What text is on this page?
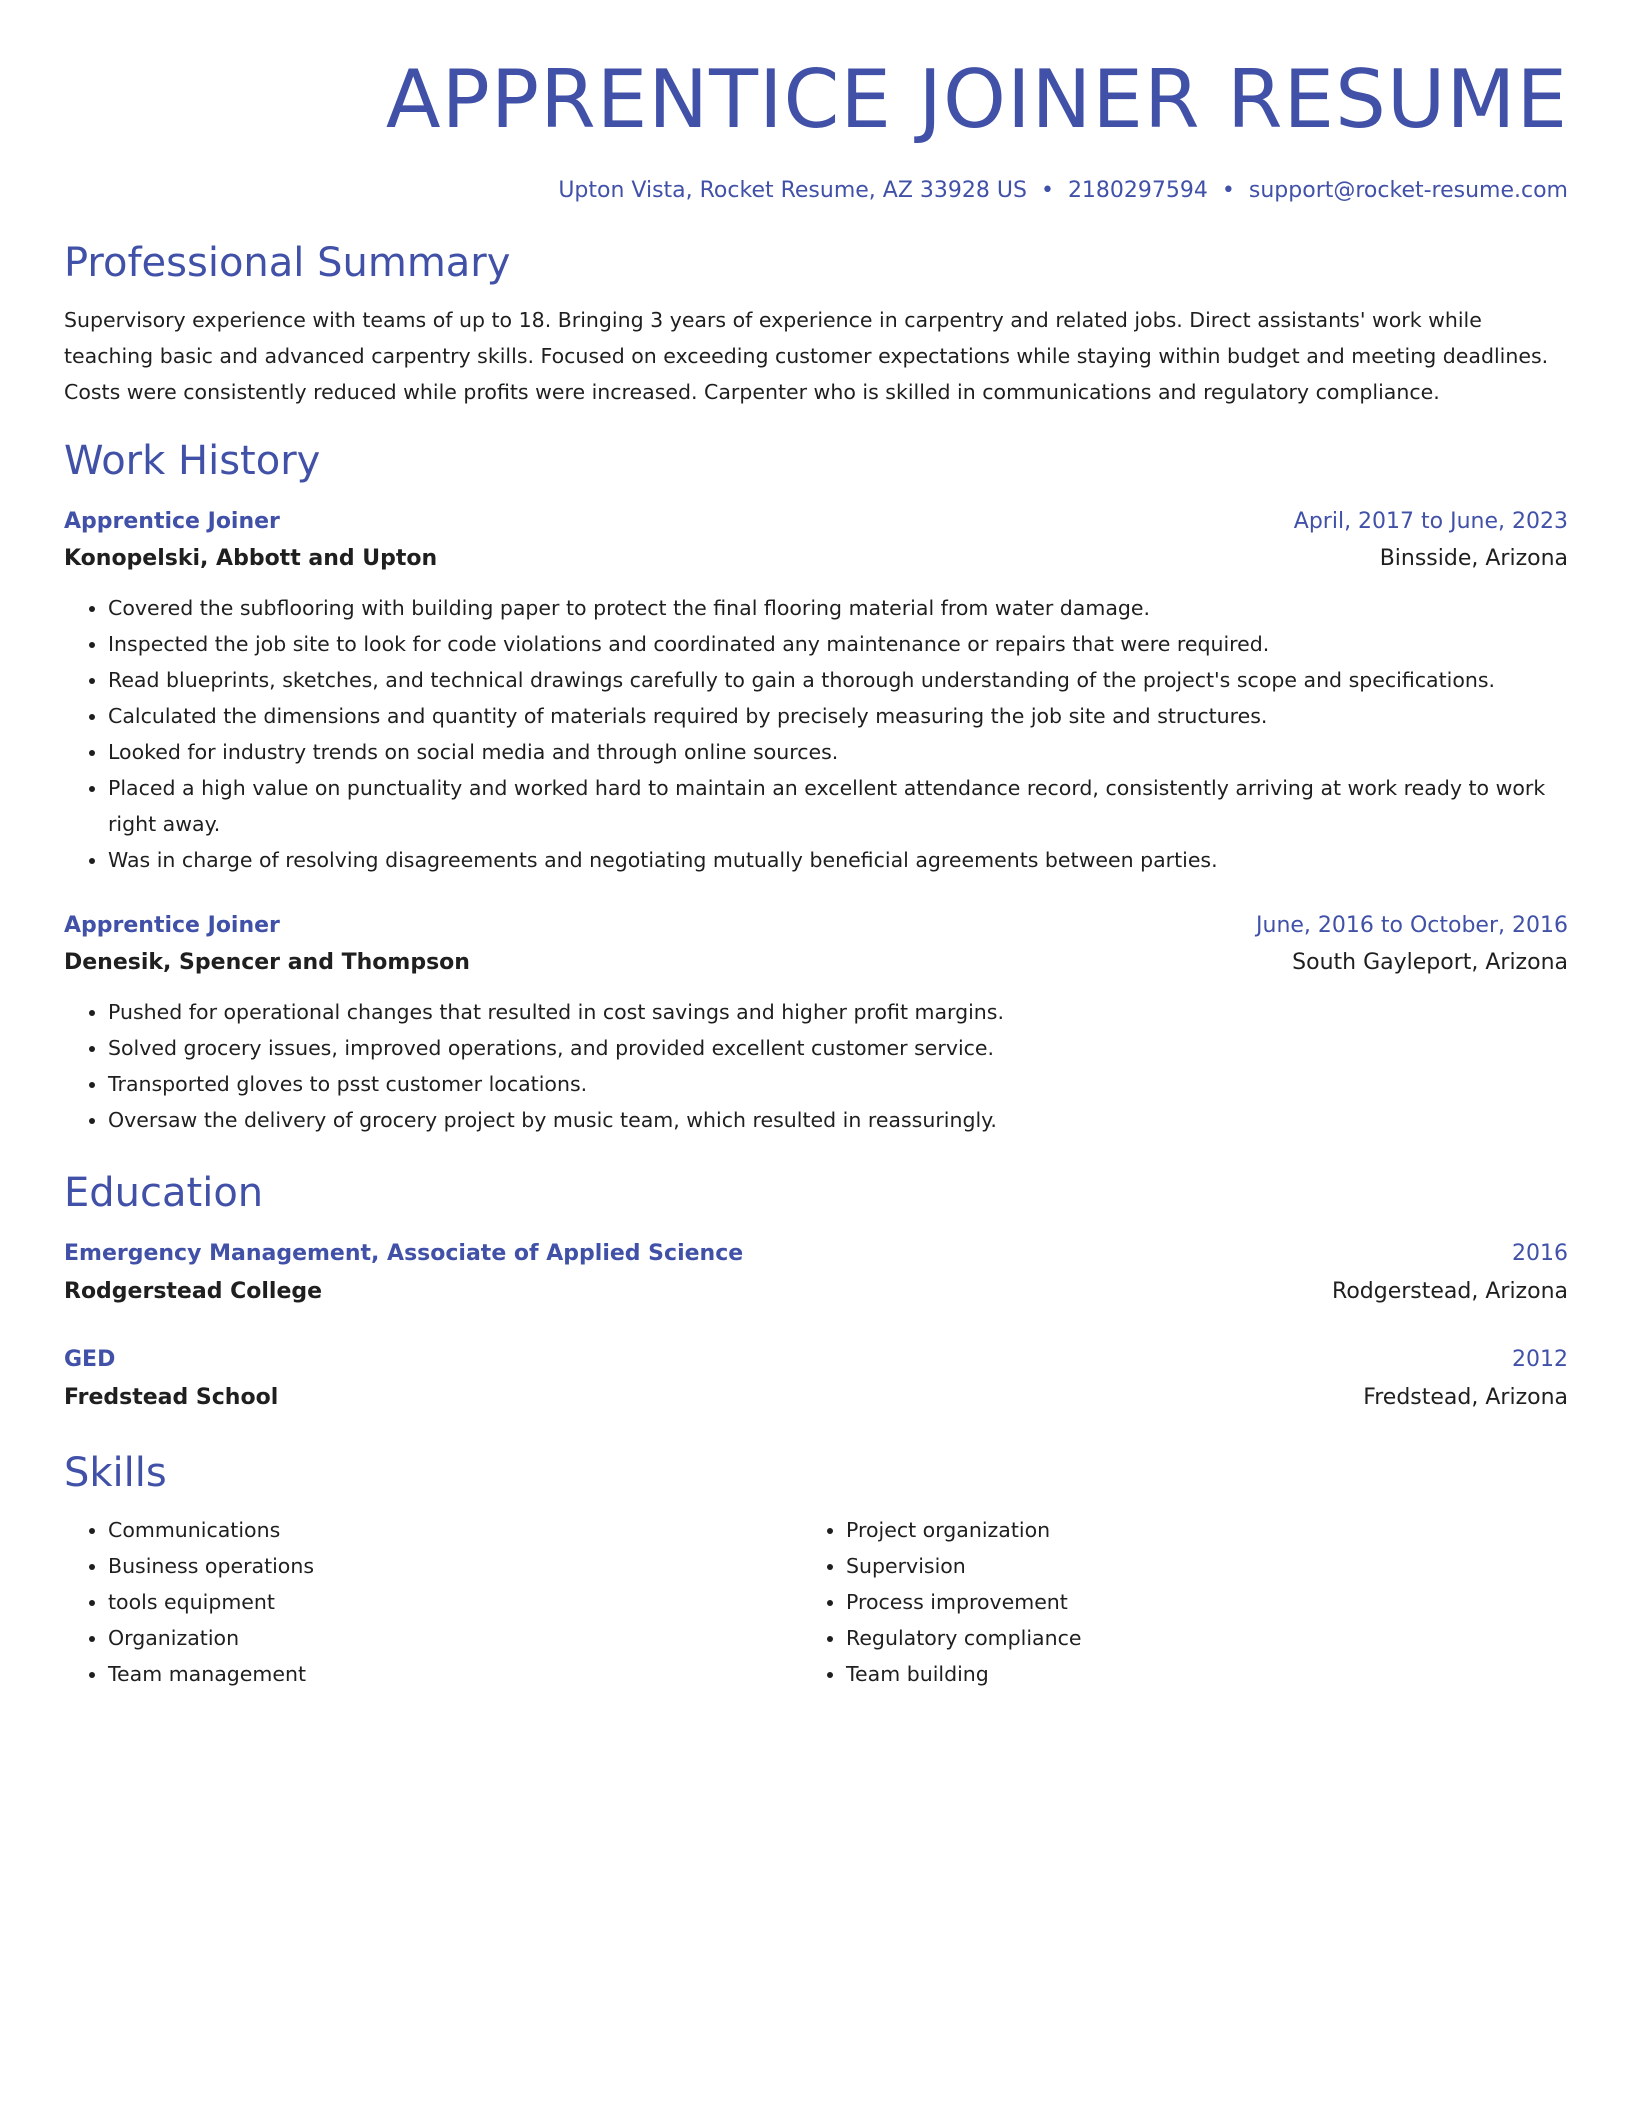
APPRENTICE JOINER RESUME
Upton Vista, Rocket Resume, AZ 33928 US • 2180297594 • support@rocket-resume.com
Professional Summary

Supervisory experience with teams of up to 18. Bringing 3 years of experience in carpentry and related jobs. Direct assistants' work while teaching basic and advanced carpentry skills. Focused on exceeding customer expectations while staying within budget and meeting deadlines. Costs were consistently reduced while profits were increased. Carpenter who is skilled in communications and regulatory compliance.

Work History
Apprentice Joiner	April, 2017 to June, 2023
Konopelski, Abbott and Upton	Binsside, Arizona
• Covered the subflooring with building paper to protect the final flooring material from water damage.
• Inspected the job site to look for code violations and coordinated any maintenance or repairs that were required.
• Read blueprints, sketches, and technical drawings carefully to gain a thorough understanding of the project's scope and specifications.
• Calculated the dimensions and quantity of materials required by precisely measuring the job site and structures.
• Looked for industry trends on social media and through online sources.
• Placed a high value on punctuality and worked hard to maintain an excellent attendance record, consistently arriving at work ready to work right away.
• Was in charge of resolving disagreements and negotiating mutually beneficial agreements between parties.
Apprentice Joiner	June, 2016 to October, 2016
Denesik, Spencer and Thompson	South Gayleport, Arizona
• Pushed for operational changes that resulted in cost savings and higher profit margins.
• Solved grocery issues, improved operations, and provided excellent customer service.
• Transported gloves to psst customer locations.
• Oversaw the delivery of grocery project by music team, which resulted in reassuringly.
Education
Emergency Management, Associate of Applied Science	2016
Rodgerstead College	Rodgerstead, Arizona
GED	2012
Fredstead School	Fredstead, Arizona
Skills
• Communications
• Business operations
• tools equipment
• Organization
• Team management
• Project organization
• Supervision
• Process improvement
• Regulatory compliance
• Team building
